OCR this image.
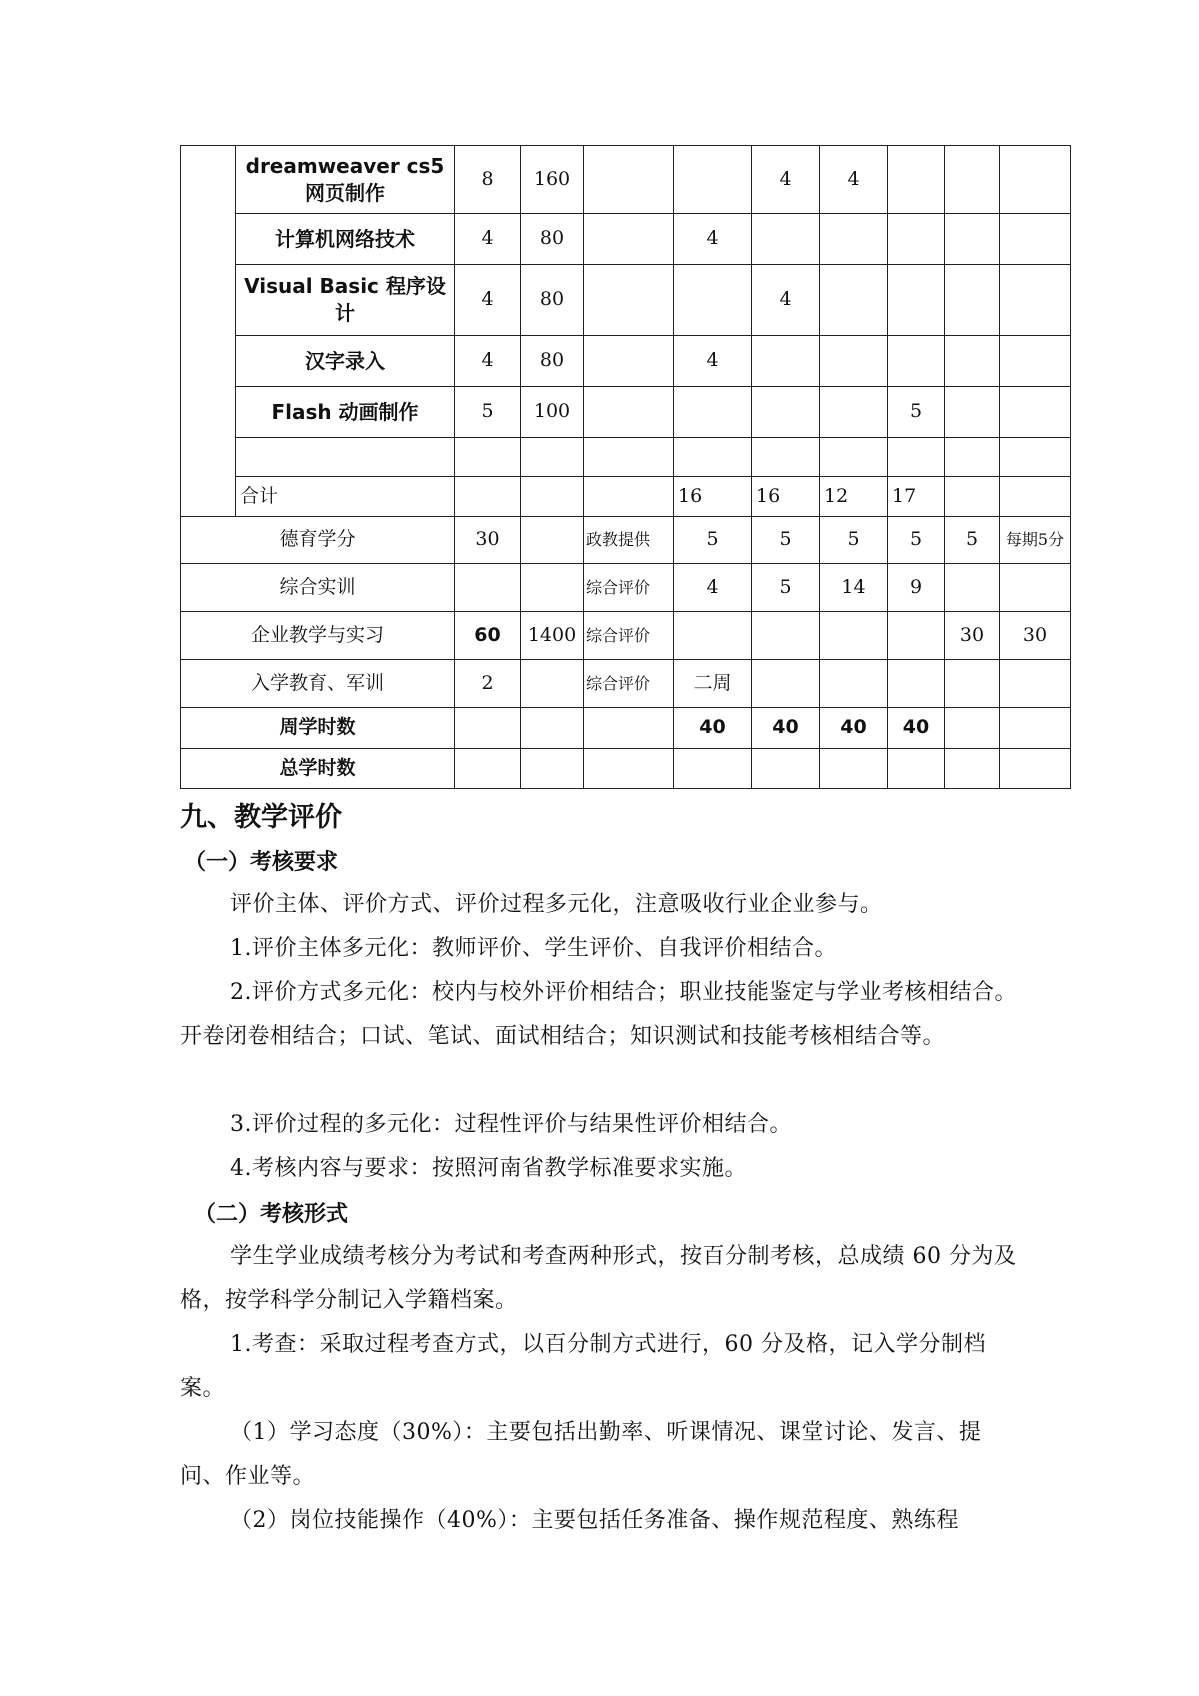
	dreamweaver cs5 网页制作	8	160			4	4			
	计算机网络技术	4	80		4					
	Visual Basic 程序设计	4	80			4				
	汉字录入	4	80		4					
	Flash 动画制作	5	100					5		

	合计				16	16	12	17		
德育学分		30		政教提供	5	5	5	5	5	每期5分
综合实训				综合评价	4	5	14	9		
企业教学与实习		60	1400	综合评价					30	30
入学教育、军训		2		综合评价	二周					
周学时数					40	40	40	40		
总学时数										
九、教学评价
（一）考核要求

评价主体、评价方式、评价过程多元化，注意吸收行业企业参与。

1.评价主体多元化：教师评价、学生评价、自我评价相结合。

2.评价方式多元化：校内与校外评价相结合；职业技能鉴定与学业考核相结合。开卷闭卷相结合；口试、笔试、面试相结合；知识测试和技能考核相结合等。

3.评价过程的多元化：过程性评价与结果性评价相结合。

4.考核内容与要求：按照河南省教学标准要求实施。

（二）考核形式

学生学业成绩考核分为考试和考查两种形式，按百分制考核，总成绩 60 分为及格，按学科学分制记入学籍档案。

1.考查：采取过程考查方式，以百分制方式进行，60 分及格，记入学分制档案。

（1）学习态度（30%）：主要包括出勤率、听课情况、课堂讨论、发言、提问、作业等。

（2）岗位技能操作（40%）：主要包括任务准备、操作规范程度、熟练程
